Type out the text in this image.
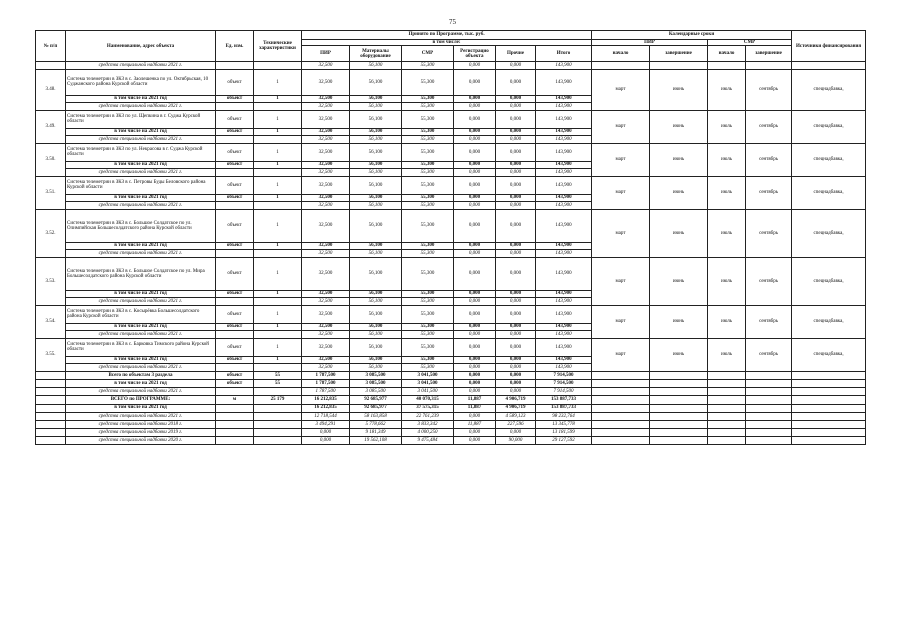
75
№ п/п	Наименование, адрес объекта	Ед. изм.	Технические характеристики	Принято по Программе, тыс. руб.						Календарные сроки				Источники финансирования
				в том числе:						ПИР		СМР		
				ПИР	Материалы оборудование	СМР	Регистрацио объекта	Прочие	Итого	начало	завершение	начало	завершение	
	средства специальной надбавки 2021 г.			32,500	56,100	55,300	0,000	0,000	143,900					
3.48.	Система телеметрии в ЗКЗ в с. Заолешенка по ул. Октябрьская, 10 Суджанского района Курской области	объект	1	32,500	56,100	55,300	0,000	0,000	143,900	март	июнь	июль	сентябрь	спецнадбавка,
	в том числе на 2021 год	объект	1	32,500	56,100	55,300	0,000	0,000	143,900					
	средства специальной надбавки 2021 г.			32,500	56,100	55,300	0,000	0,000	143,900					
3.49.	Система телеметрии в ЗКЗ по ул. Щепкина в г. Суджа Курской области	объект	1	32,500	56,100	55,300	0,000	0,000	143,900	март	июнь	июль	сентябрь	спецнадбавка,
	в том числе на 2021 год	объект	1	32,500	56,100	55,300	0,000	0,000	143,900					
	средства специальной надбавки 2021 г.			32,500	56,100	55,300	0,000	0,000	143,900					
3.50.	Система телеметрии в ЗКЗ по ул. Некрасова в г. Суджа Курской области	объект	1	32,500	56,100	55,300	0,000	0,000	143,900	март	июнь	июль	сентябрь	спецнадбавка,
	в том числе на 2021 год	объект	1	32,500	56,100	55,300	0,000	0,000	143,900					
	средства специальной надбавки 2021 г.			32,500	56,100	55,300	0,000	0,000	143,900					
3.51.	Система телеметрии в ЗКЗ в с. Петровы Буды Беловского района Курской области	объект	1	32,500	56,100	55,300	0,000	0,000	143,900	март	июнь	июль	сентябрь	спецнадбавка,
	в том числе на 2021 год	объект	1	32,500	56,100	55,300	0,000	0,000	143,900					
	средства специальной надбавки 2021 г.			32,500	56,100	55,300	0,000	0,000	143,900					
3.52.	Система телеметрии в ЗКЗ в с. Большое Солдатское по ул. Олимпийская Большесолдатского района Курской области	объект	1	32,500	56,100	55,300	0,000	0,000	143,900	март	июнь	июль	сентябрь	спецнадбавка,
	в том числе на 2021 год	объект	1	32,500	56,100	55,300	0,000	0,000	143,900					
	средства специальной надбавки 2021 г.			32,500	56,100	55,300	0,000	0,000	143,900					
3.53.	Система телеметрии в ЗКЗ в с. Большое Солдатское по ул. Мира Большесолдатского района Курской области	объект	1	32,500	56,100	55,300	0,000	0,000	143,900	март	июнь	июль	сентябрь	спецнадбавка,
	в том числе на 2021 год	объект	1	32,500	56,100	55,300	0,000	0,000	143,900					
	средства специальной надбавки 2021 г.			32,500	56,100	55,300	0,000	0,000	143,900					
3.54.	Система телеметрии в ЗКЗ в с. Косырёвка Большесолдатского района Курской области	объект	1	32,500	56,100	55,300	0,000	0,000	143,900	март	июнь	июль	сентябрь	спецнадбавка,
	в том числе на 2021 год	объект	1	32,500	56,100	55,300	0,000	0,000	143,900					
	средства специальной надбавки 2021 г.			32,500	56,100	55,300	0,000	0,000	143,900					
3.55.	Система телеметрии в ЗКЗ в с. Барковка Тимского района Курской области	объект	1	32,500	56,100	55,300	0,000	0,000	143,900	март	июнь	июль	сентябрь	спецнадбавка,
	в том числе на 2021 год	объект	1	32,500	56,100	55,300	0,000	0,000	143,900					
	средства специальной надбавки 2021 г.			32,500	56,100	55,300	0,000	0,000	143,900					
	Всего по объектам 3 раздела	объект	55	1 787,500	3 085,500	3 041,500	0,000	0,000	7 914,500					
	в том числе на 2021 год	объект	55	1 787,500	3 085,500	3 041,500	0,000	0,000	7 914,500					
	средства специальной надбавки 2021 г.			1 787,500	3 085,500	3 041,500	0,000	0,000	7 914,500					
	ВСЕГО по ПРОГРАММЕ:	м	25 179	16 212,835	92 685,977	40 070,315	11,887	4 906,719	153 887,733					
	в том числе на 2021 год			16 212,835	92 685,977	37 575,315	11,887	4 906,719	153 887,733					
	средства специальной надбавки 2021 г.			12 718,544	58 163,858	22 761,239	0,000	4 589,123	98 232,764					
	средства специальной надбавки 2018 г.			3 494,291	5 778,662	3 833,342	11,887	227,596	13 345,778					
	средства специальной надбавки 2019 г.			0,000	9 181,349	4 000,250	0,000	0,000	13 181,599					
	средства специальной надбавки 2020 г.			0,000	19 562,108	9 475,484	0,000	90,000	29 127,592					
